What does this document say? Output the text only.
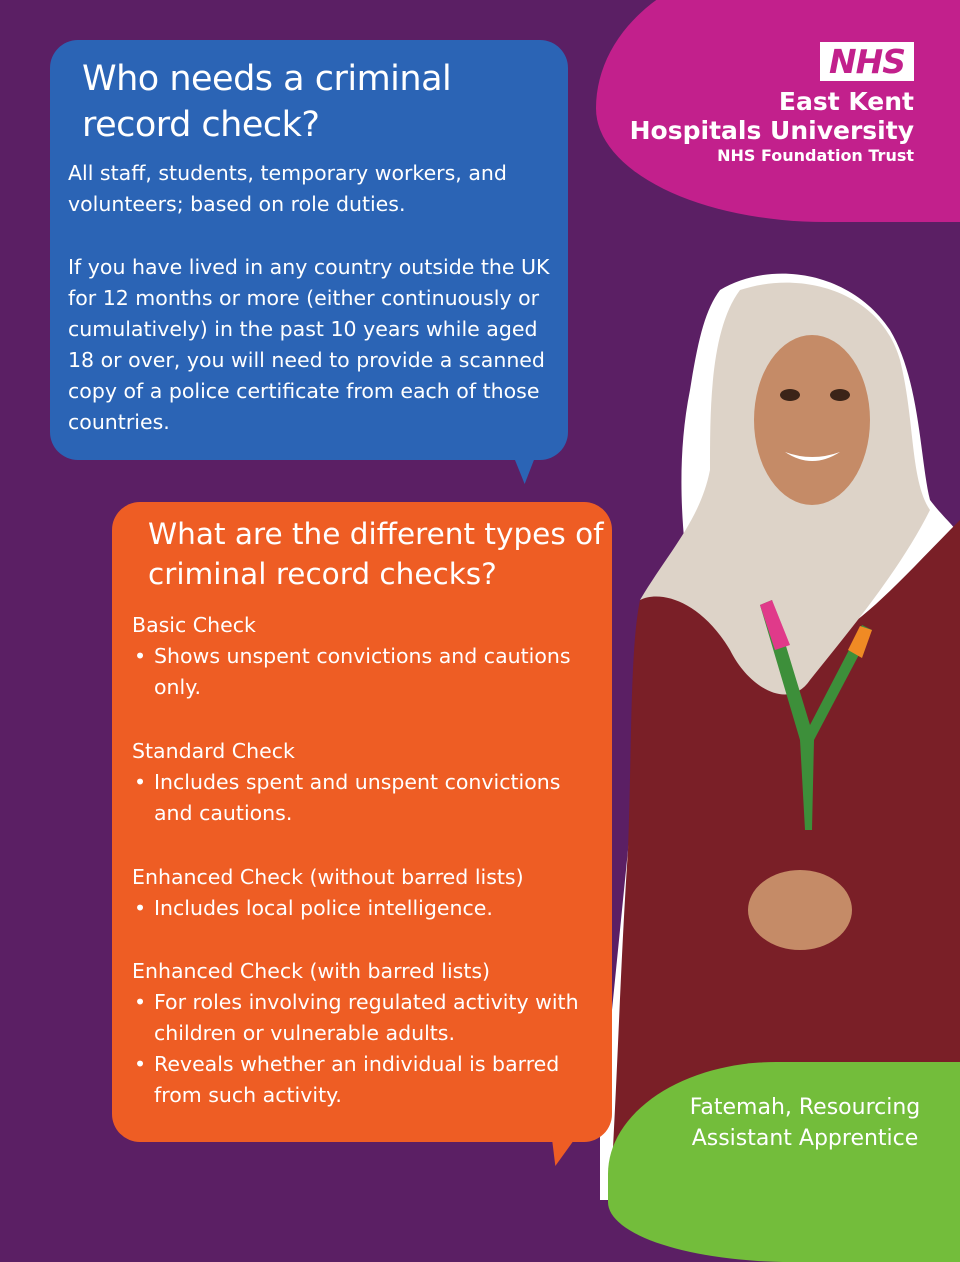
NHS
East Kent
Hospitals University
NHS Foundation Trust
Fatemah, Resourcing Assistant Apprentice
Who needs a criminal record check?

All staff, students, temporary workers, and volunteers; based on role duties.

If you have lived in any country outside the UK for 12 months or more (either continuously or cumulatively) in the past 10 years while aged 18 or over, you will need to provide a scanned copy of a police certificate from each of those countries.

What are the different types of criminal record checks?
Basic Check
• Shows unspent convictions and cautions only.
Standard Check
• Includes spent and unspent convictions and cautions.
Enhanced Check (without barred lists)
• Includes local police intelligence.
Enhanced Check (with barred lists)
• For roles involving regulated activity with children or vulnerable adults.
• Reveals whether an individual is barred from such activity.
